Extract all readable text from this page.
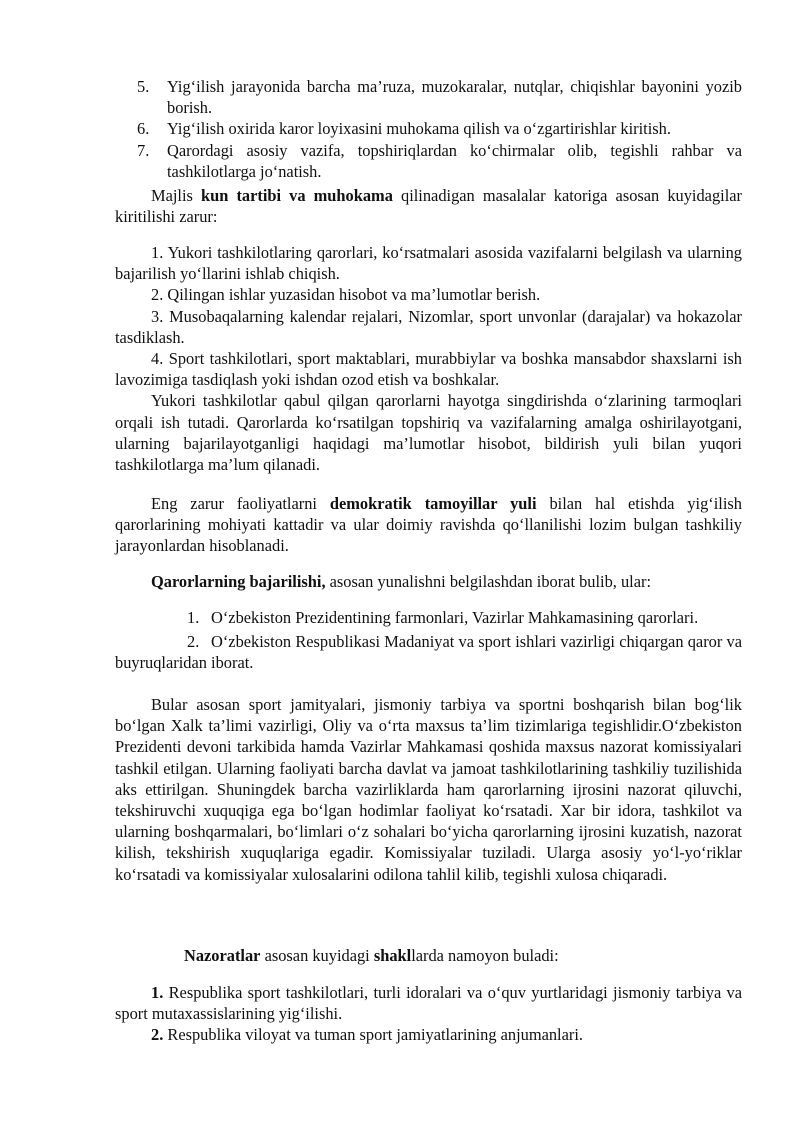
5. Yig‘ilish jarayonida barcha ma’ruza, muzokaralar, nutqlar, chiqishlar bayonini yozib borish.

6. Yig‘ilish oxirida karor loyixasini muhokama qilish va o‘zgartirishlar kiritish.

7. Qarordagi asosiy vazifa, topshiriqlardan ko‘chirmalar olib, tegishli rahbar va tashkilotlarga jo‘natish.

Majlis kun tartibi va muhokama qilinadigan masalalar katoriga asosan kuyidagilar kiritilishi zarur:

1. Yukori tashkilotlaring qarorlari, ko‘rsatmalari asosida vazifalarni belgilash va ularning bajarilish yo‘llarini ishlab chiqish.

2. Qilingan ishlar yuzasidan hisobot va ma’lumotlar berish.

3. Musobaqalarning kalendar rejalari, Nizomlar, sport unvonlar (darajalar) va hokazolar tasdiklash.

4. Sport tashkilotlari, sport maktablari, murabbiylar va boshka mansabdor shaxslarni ish lavozimiga tasdiqlash yoki ishdan ozod etish va boshkalar.

Yukori tashkilotlar qabul qilgan qarorlarni hayotga singdirishda o‘zlarining tarmoqlari orqali ish tutadi. Qarorlarda ko‘rsatilgan topshiriq va vazifalarning amalga oshirilayotgani, ularning bajarilayotganligi haqidagi ma’lumotlar hisobot, bildirish yuli bilan yuqori tashkilotlarga ma’lum qilanadi.

Eng zarur faoliyatlarni demokratik tamoyillar yuli bilan hal etishda yig‘ilish qarorlarining mohiyati kattadir va ular doimiy ravishda qo‘llanilishi lozim bulgan tashkiliy jarayonlardan hisoblanadi.

Qarorlarning bajarilishi, asosan yunalishni belgilashdan iborat bulib, ular:

1. O‘zbekiston Prezidentining farmonlari, Vazirlar Mahkamasining qarorlari.

2. O‘zbekiston Respublikasi Madaniyat va sport ishlari vazirligi chiqargan qaror va buyruqlaridan iborat.

Bular asosan sport jamityalari, jismoniy tarbiya va sportni boshqarish bilan bog‘lik bo‘lgan Xalk ta’limi vazirligi, Oliy va o‘rta maxsus ta’lim tizimlariga tegishlidir.O‘zbekiston Prezidenti devoni tarkibida hamda Vazirlar Mahkamasi qoshida maxsus nazorat komissiyalari tashkil etilgan. Ularning faoliyati barcha davlat va jamoat tashkilotlarining tashkiliy tuzilishida aks ettirilgan. Shuningdek barcha vazirliklarda ham qarorlarning ijrosini nazorat qiluvchi, tekshiruvchi xuquqiga ega bo‘lgan hodimlar faoliyat ko‘rsatadi. Xar bir idora, tashkilot va ularning boshqarmalari, bo‘limlari o‘z sohalari bo‘yicha qarorlarning ijrosini kuzatish, nazorat kilish, tekshirish xuquqlariga egadir. Komissiyalar tuziladi. Ularga asosiy yo‘l-yo‘riklar ko‘rsatadi va komissiyalar xulosalarini odilona tahlil kilib, tegishli xulosa chiqaradi.

Nazoratlar asosan kuyidagi shakllarda namoyon buladi:

1. Respublika sport tashkilotlari, turli idoralari va o‘quv yurtlaridagi jismoniy tarbiya va sport mutaxassislarining yig‘ilishi.

2. Respublika viloyat va tuman sport jamiyatlarining anjumanlari.
